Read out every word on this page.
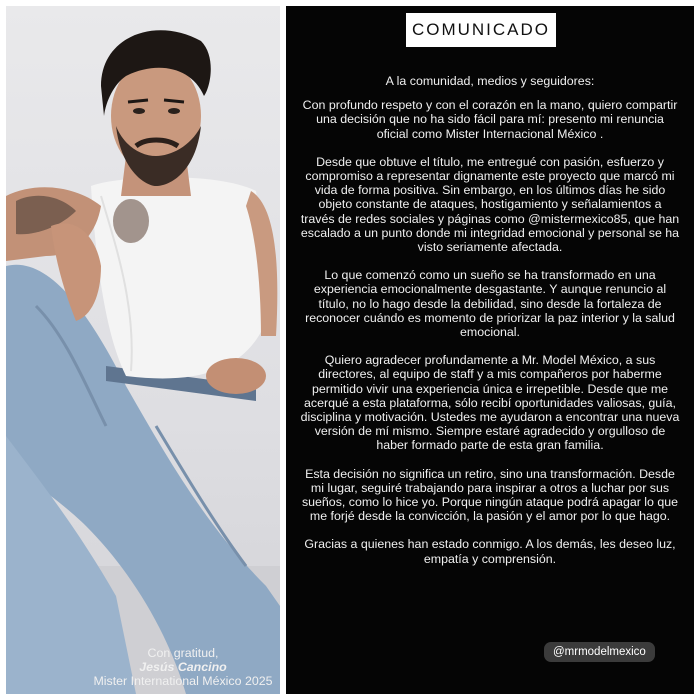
COMUNICADO

A la comunidad, medios y seguidores:

Con profundo respeto y con el corazón en la mano, quiero compartir una decisión que no ha sido fácil para mí: presento mi renuncia oficial como Mister Internacional México .

Desde que obtuve el título, me entregué con pasión, esfuerzo y compromiso a representar dignamente este proyecto que marcó mi vida de forma positiva. Sin embargo, en los últimos días he sido objeto constante de ataques, hostigamiento y señalamientos a través de redes sociales y páginas como @mistermexico85, que han escalado a un punto donde mi integridad emocional y personal se ha visto seriamente afectada.

Lo que comenzó como un sueño se ha transformado en una experiencia emocionalmente desgastante. Y aunque renuncio al título, no lo hago desde la debilidad, sino desde la fortaleza de reconocer cuándo es momento de priorizar la paz interior y la salud emocional.

Quiero agradecer profundamente a Mr. Model México, a sus directores, al equipo de staff y a mis compañeros por haberme permitido vivir una experiencia única e irrepetible. Desde que me acerqué a esta plataforma, sólo recibí oportunidades valiosas, guía, disciplina y motivación. Ustedes me ayudaron a encontrar una nueva versión de mí mismo. Siempre estaré agradecido y orgulloso de haber formado parte de esta gran familia.

Esta decisión no significa un retiro, sino una transformación. Desde mi lugar, seguiré trabajando para inspirar a otros a luchar por sus sueños, como lo hice yo. Porque ningún ataque podrá apagar lo que me forjé desde la convicción, la pasión y el amor por lo que hago.

Gracias a quienes han estado conmigo. A los demás, les deseo luz, empatía y comprensión.

@mrmodelmexico
Con gratitud,
Jesús Cancino
Mister International México 2025
